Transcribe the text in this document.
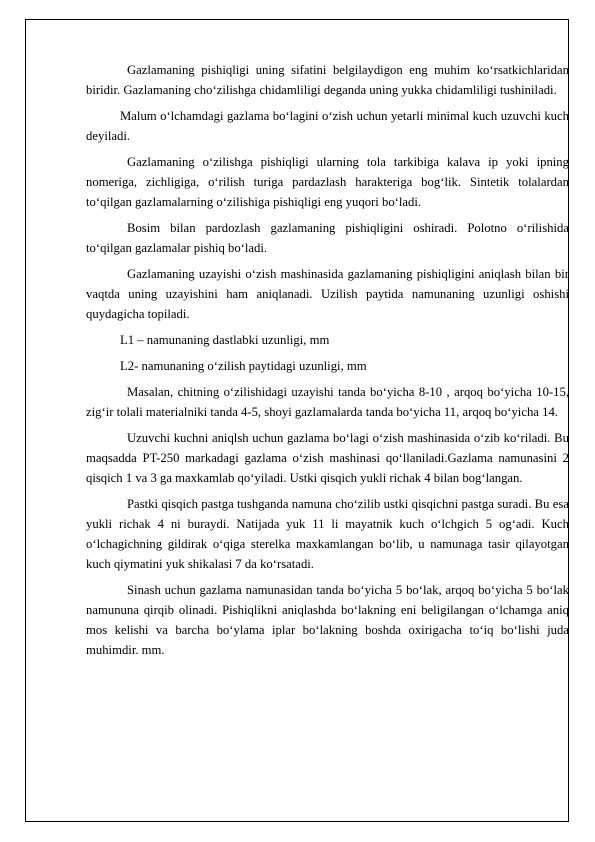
Gazlamaning pishiqligi uning sifatini belgilaydigon eng muhim ko‘rsatkichlaridan biridir. Gazlamaning cho‘zilishga chidamliligi deganda uning yukka chidamliligi tushiniladi.

Malum o‘lchamdagi gazlama bo‘lagini o‘zish uchun yetarli minimal kuch uzuvchi kuch deyiladi.

Gazlamaning o‘zilishga pishiqligi ularning tola tarkibiga kalava ip yoki ipning nomeriga, zichligiga, o‘rilish turiga pardazlash harakteriga bog‘lik. Sintetik tolalardan to‘qilgan gazlamalarning o‘zilishiga pishiqligi eng yuqori bo‘ladi.

Bosim bilan pardozlash gazlamaning pishiqligini oshiradi. Polotno o‘rilishida to‘qilgan gazlamalar pishiq bo‘ladi.

Gazlamaning uzayishi o‘zish mashinasida gazlamaning pishiqligini aniqlash bilan bir vaqtda uning uzayishini ham aniqlanadi. Uzilish paytida namunaning uzunligi oshishi quydagicha topiladi.

L1 – namunaning dastlabki uzunligi, mm

L2- namunaning o‘zilish paytidagi uzunligi, mm

Masalan, chitning o‘zilishidagi uzayishi tanda bo‘yicha 8-10 , arqoq bo‘yicha 10-15, zig‘ir tolali materialniki tanda 4-5, shoyi gazlamalarda tanda bo‘yicha 11, arqoq bo‘yicha 14.

Uzuvchi kuchni aniqlsh uchun gazlama bo‘lagi o‘zish mashinasida o‘zib ko‘riladi. Bu maqsadda PT-250 markadagi gazlama o‘zish mashinasi qo‘llaniladi.Gazlama namunasini 2 qisqich 1 va 3 ga maxkamlab qo‘yiladi. Ustki qisqich yukli richak 4 bilan bog‘langan.

Pastki qisqich pastga tushganda namuna cho‘zilib ustki qisqichni pastga suradi. Bu esa yukli richak 4 ni buraydi. Natijada yuk 11 li mayatnik kuch o‘lchgich 5 og‘adi. Kuch o‘lchagichning gildirak o‘qiga sterelka maxkamlangan bo‘lib, u namunaga tasir qilayotgan kuch qiymatini yuk shikalasi 7 da ko‘rsatadi.

Sinash uchun gazlama namunasidan tanda bo‘yicha 5 bo‘lak, arqoq bo‘yicha 5 bo‘lak namununa qirqib olinadi. Pishiqlikni aniqlashda bo‘lakning eni beligilangan o‘lchamga aniq mos kelishi va barcha bo‘ylama iplar bo‘lakning boshda oxirigacha to‘iq bo‘lishi juda muhimdir. mm.
